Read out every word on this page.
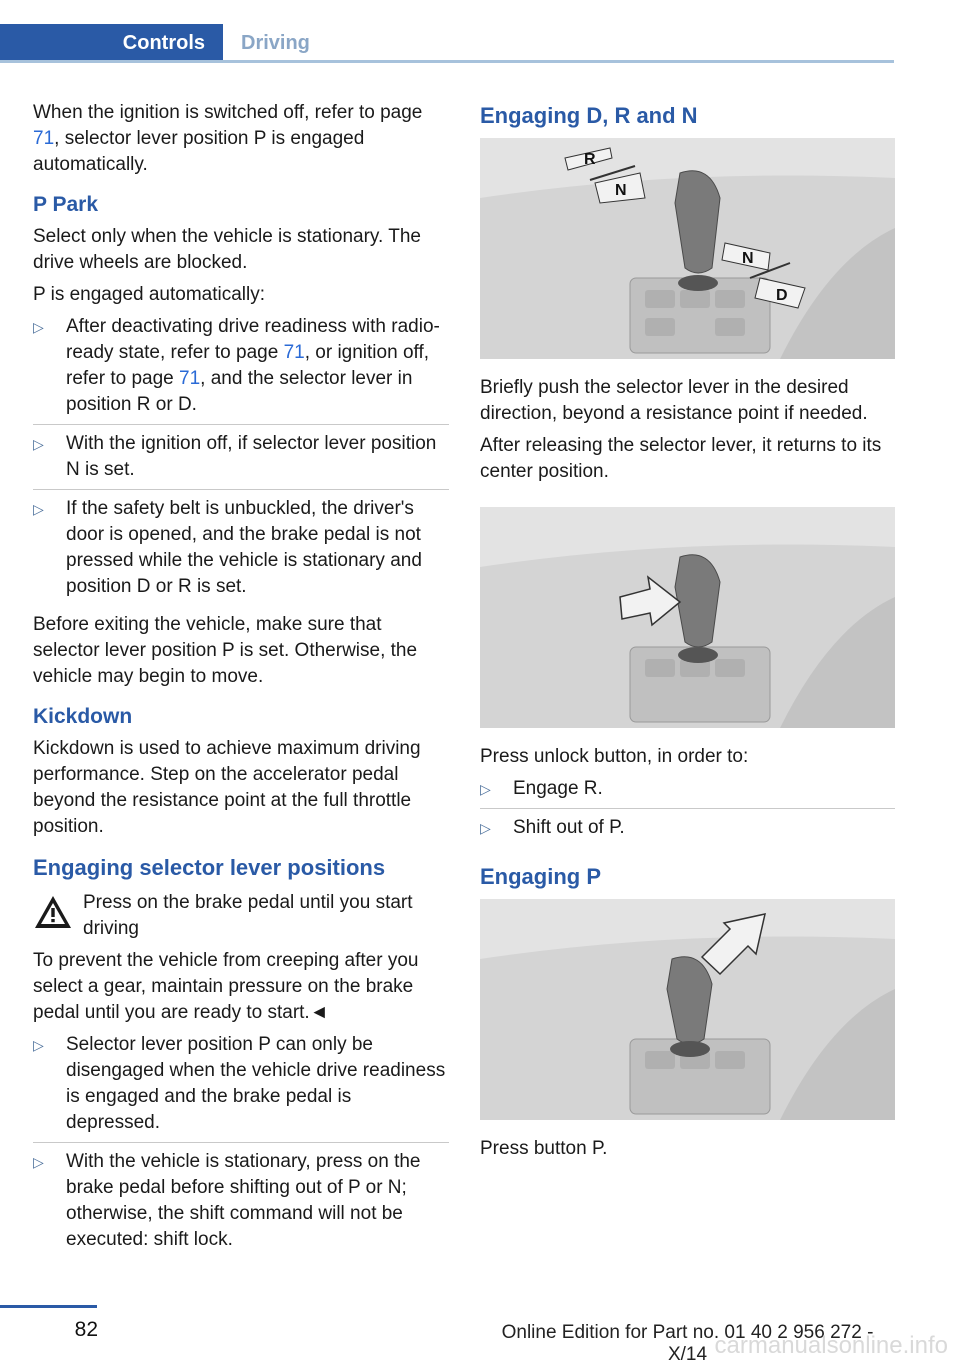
Controls	Driving

When the ignition is switched off, refer to page 71, selector lever position P is engaged automatically.

P Park

Select only when the vehicle is stationary. The drive wheels are blocked.

P is engaged automatically:

▷ After deactivating drive readiness with radio-ready state, refer to page 71, or ignition off, refer to page 71, and the selector lever in position R or D.
▷ With the ignition off, if selector lever position N is set.
▷ If the safety belt is unbuckled, the driver's door is opened, and the brake pedal is not pressed while the vehicle is stationary and position D or R is set.

Before exiting the vehicle, make sure that selector lever position P is set. Otherwise, the vehicle may begin to move.

Kickdown

Kickdown is used to achieve maximum driving performance. Step on the accelerator pedal beyond the resistance point at the full throttle position.

Engaging selector lever positions
Press on the brake pedal until you start driving

To prevent the vehicle from creeping after you select a gear, maintain pressure on the brake pedal until you are ready to start.◄

▷ Selector lever position P can only be disengaged when the vehicle drive readiness is engaged and the brake pedal is depressed.
▷ With the vehicle is stationary, press on the brake pedal before shifting out of P or N; otherwise, the shift command will not be executed: shift lock.
Engaging D, R and N
R
N
N
D

Briefly push the selector lever in the desired direction, beyond a resistance point if needed.

After releasing the selector lever, it returns to its center position.

Press unlock button, in order to:

▷ Engage R.
▷ Shift out of P.
Engaging P

Press button P.

82	Online Edition for Part no. 01 40 2 956 272 - X/14 carmanualsonline.info
